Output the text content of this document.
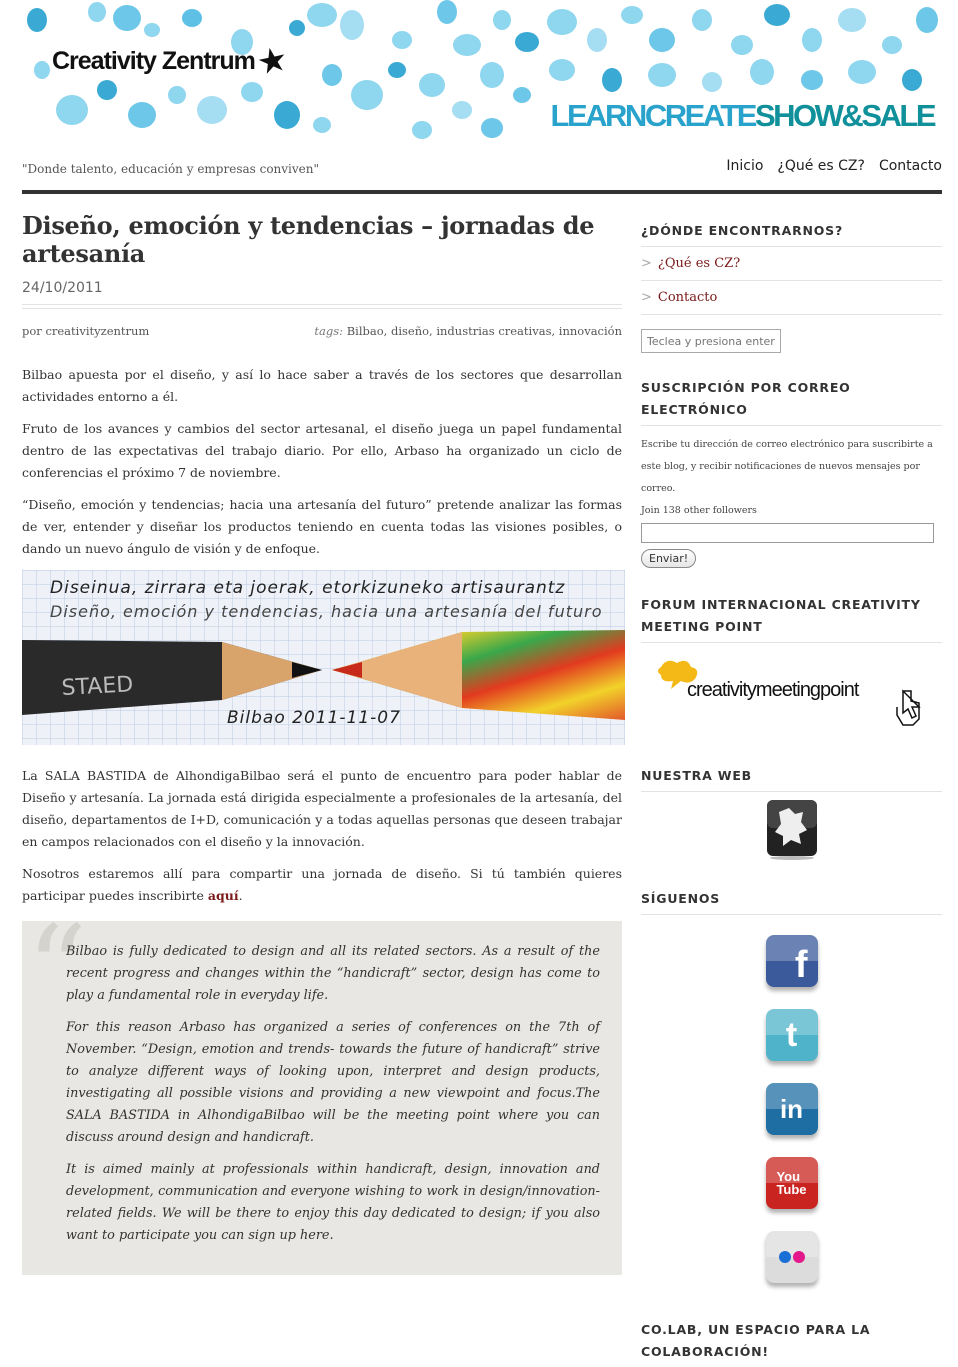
Creativity Zentrum ★
LEARNCREATESHOW&SALE
"Donde talento, educación y empresas conviven"	Inicio ¿Qué es CZ? Contacto
Diseño, emoción y tendencias – jornadas de artesanía
24/10/2011
por creativityzentrum	tags: Bilbao, diseño, industrias creativas, innovación

Bilbao apuesta por el diseño, y así lo hace saber a través de los sectores que desarrollan actividades entorno a él.

Fruto de los avances y cambios del sector artesanal, el diseño juega un papel fundamental dentro de las expectativas del trabajo diario. Por ello, Arbaso ha organizado un ciclo de conferencias el próximo 7 de noviembre.

“Diseño, emoción y tendencias; hacia una artesanía del futuro” pretende analizar las formas de ver, entender y diseñar los productos teniendo en cuenta todas las visiones posibles, o dando un nuevo ángulo de visión y de enfoque.

STAED
Diseinua, zirrara eta joerak, etorkizuneko artisaurantz
Diseño, emoción y tendencias, hacia una artesanía del futuro
Bilbao 2011-11-07

La SALA BASTIDA de AlhondigaBilbao será el punto de encuentro para poder hablar de Diseño y artesanía. La jornada está dirigida especialmente a profesionales de la artesanía, del diseño, departamentos de I+D, comunicación y a todas aquellas personas que deseen trabajar en campos relacionados con el diseño y la innovación.

Nosotros estaremos allí para compartir una jornada de diseño. Si tú también quieres participar puedes inscribirte aquí.

“

Bilbao is fully dedicated to design and all its related sectors. As a result of the recent progress and changes within the “handicraft” sector, design has come to play a fundamental role in everyday life.

For this reason Arbaso has organized a series of conferences on the 7th of November. “Design, emotion and trends- towards the future of handicraft” strive to analyze different ways of looking upon, interpret and design products, investigating all possible visions and providing a new viewpoint and focus.The SALA BASTIDA in AlhondigaBilbao will be the meeting point where you can discuss around design and handicraft.

It is aimed mainly at professionals within handicraft, design, innovation and development, communication and everyone wishing to work in design/innovation-related fields. We will be there to enjoy this day dedicated to design; if you also want to participate you can sign up here.

¿DÓNDE ENCONTRARNOS?
> ¿Qué es CZ?
> Contacto
Teclea y presiona enter
SUSCRIPCIÓN POR CORREO ELECTRÓNICO
Escribe tu dirección de correo electrónico para suscribirte a este blog, y recibir notificaciones de nuevos mensajes por correo.
Join 138 other followers
Enviar!
FORUM INTERNACIONAL CREATIVITY MEETING POINT
creativitymeetingpoint
NUESTRA WEB
SÍGUENOS
f
t
in
You
Tube
CO.LAB, UN ESPACIO PARA LA COLABORACIÓN!
